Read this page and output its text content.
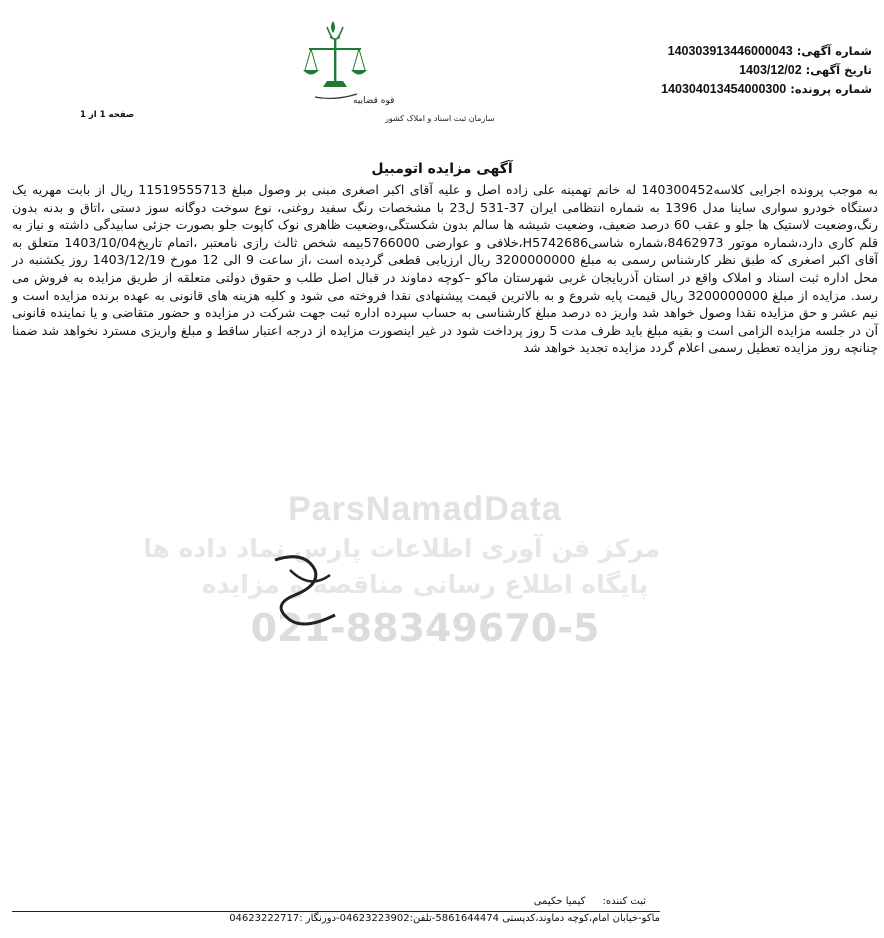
قوه قضاییه
سازمان ثبت اسناد و املاک کشور
شماره آگهی: 140303913446000043
تاریخ آگهی: 1403/12/02
شماره پرونده: 140304013454000300
صفحه 1 از 1
آگهی مزایده اتومبیل
به موجب پرونده اجرایی کلاسه140300452 له خانم تهمینه علی زاده اصل و علیه آقای اکبر اصغری مبنی بر وصول مبلغ 11519555713 ریال از بابت مهریه یک دستگاه خودرو سواری ساینا مدل 1396 به شماره انتظامی ایران 37-531 ل23 با مشخصات رنگ سفید روغنی، نوع سوخت دوگانه سوز دستی ،اتاق و بدنه بدون رنگ،وضعیت لاستیک ها جلو و عقب 60 درصد ضعیف، وضعیت شیشه ها سالم بدون شکستگی،وضعیت ظاهری نوک کاپوت جلو بصورت جزئی سابیدگی داشته و نیاز به قلم کاری دارد،شماره موتور 8462973،شماره شاسیH5742686،خلافی و عوارضی 5766000بیمه شخص ثالث رازی نامعتبر ،اتمام تاریخ1403/10/04 متعلق به آقای اکبر اصغری که طبق نظر کارشناس رسمی به مبلغ 3200000000 ریال ارزیابی قطعی گردیده است ،از ساعت 9 الی 12 مورخ 1403/12/19 روز یکشنبه در محل اداره ثبت اسناد و املاک واقع در استان آذربایجان غربی شهرستان ماکو –کوچه دماوند در قبال اصل طلب و حقوق دولتی متعلقه از طریق مزایده به فروش می رسد. مزایده از مبلغ 3200000000 ریال قیمت پایه شروع و به بالاترین قیمت پیشنهادی نقدا فروخته می شود و کلیه هزینه های قانونی به عهده برنده مزایده است و نیم عشر و حق مزایده نقدا وصول خواهد شد واریز ده درصد مبلغ کارشناسی به حساب سپرده اداره ثبت جهت شرکت در مزایده و حضور متقاضی و یا نماینده قانونی آن در جلسه مزایده الزامی است و بقیه مبلغ باید ظرف مدت 5 روز پرداخت شود در غیر اینصورت مزایده از درجه اعتبار ساقط و مبلغ واریزی مسترد نخواهد شد ضمنا چنانچه روز مزایده تعطیل رسمی اعلام گردد مزایده تجدید خواهد شد
ParsNamadData
مرکز فن آوری اطلاعات پارس نماد داده ها
پایگاه اطلاع رسانی مناقصه و مزایده
021-88349670-5
ثبت کننده: کیمیا حکیمی
ماکو-خیابان امام،کوچه دماوند،کدپستی 5861644474-تلفن:04623223902-دورنگار :04623222717
